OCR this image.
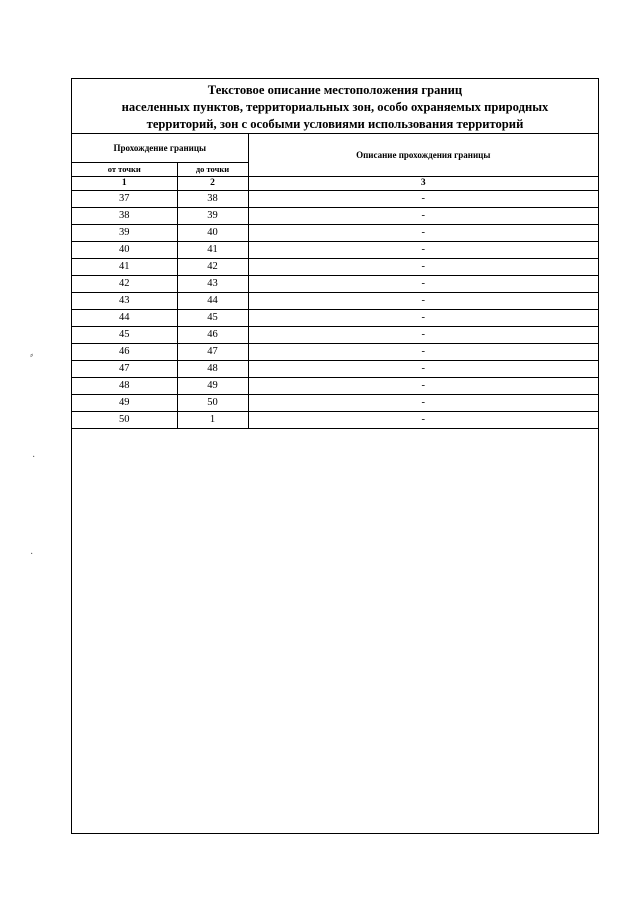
Текстовое описание местоположения границ
населенных пунктов, территориальных зон, особо охраняемых природных
территорий, зон с особыми условиями использования территорий
Прохождение границы		Описание прохождения границы
от точки	до точки	
1	2	3
37	38	-
38	39	-
39	40	-
40	41	-
41	42	-
42	43	-
43	44	-
44	45	-
45	46	-
46	47	-
47	48	-
48	49	-
49	50	-
50	1	-
⸗
·
·
